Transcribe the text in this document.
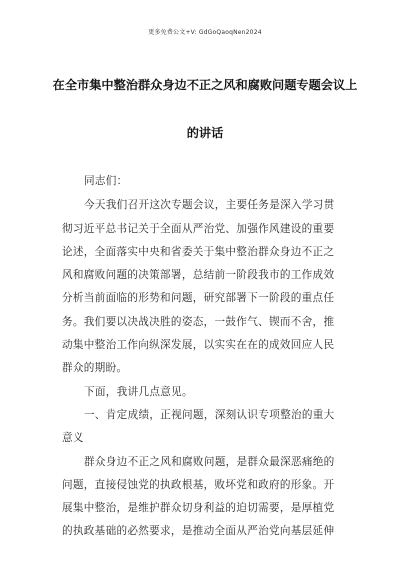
更多免费公文+V: GdGoQaoqNen2024
在全市集中整治群众身边不正之风和腐败问题专题会议上
的讲话
同志们：
今天我们召开这次专题会议，主要任务是深入学习贯
彻习近平总书记关于全面从严治党、加强作风建设的重要
论述，全面落实中央和省委关于集中整治群众身边不正之
风和腐败问题的决策部署，总结前一阶段我市的工作成效
分析当前面临的形势和问题，研究部署下一阶段的重点任
务。我们要以决战决胜的姿态，一鼓作气、锲而不舍，推
动集中整治工作向纵深发展，以实实在在的成效回应人民
群众的期盼。
下面，我讲几点意见。
一、肯定成绩，正视问题，深刻认识专项整治的重大
意义
群众身边不正之风和腐败问题，是群众最深恶痛绝的
问题，直接侵蚀党的执政根基，败坏党和政府的形象。开
展集中整治，是维护群众切身利益的迫切需要，是厚植党
的执政基础的必然要求，是推动全面从严治党向基层延伸
